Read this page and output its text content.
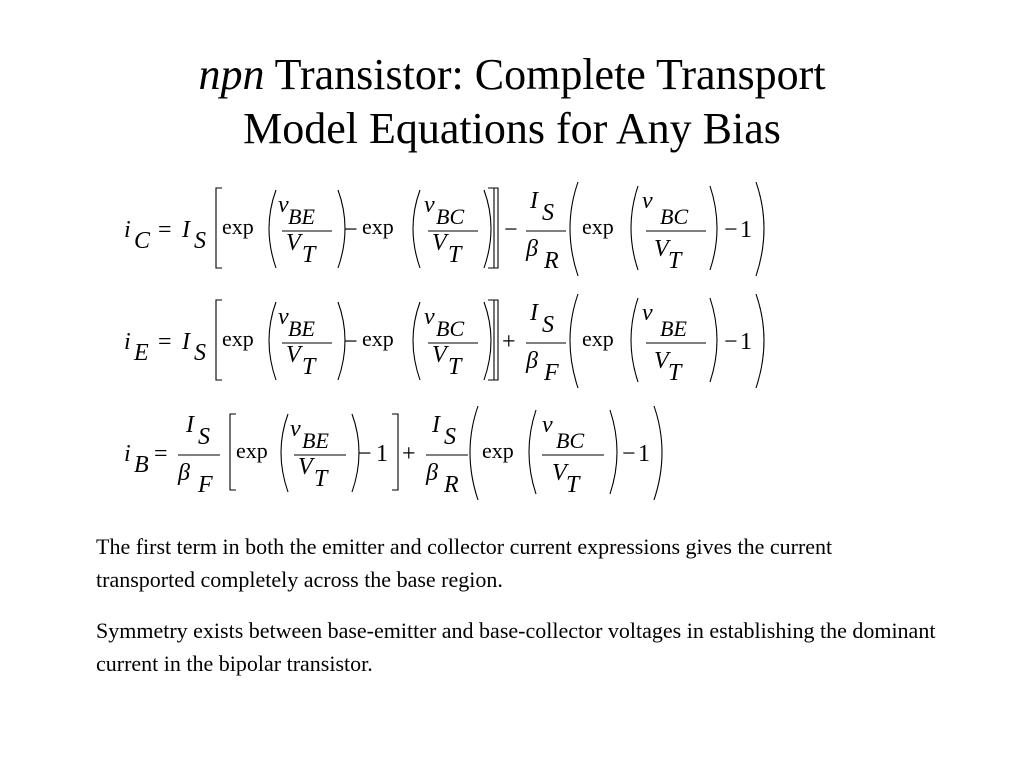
npn Transistor: Complete Transport
Model Equations for Any Bias
i C = I S
exp
v BE
V T
− exp
v BC
V T
−
I S
β R
exp
v
BC
V T
− 1
i E = I S
exp
v BE
V T
− exp
v BC
V T
+
I S
β F
exp
v
BE
V T
− 1
i B =
I S
β F
exp
v BE
V T
− 1 +
I S
β R
exp
v
BC
V T
− 1

The first term in both the emitter and collector current expressions gives the current transported completely across the base region.

Symmetry exists between base-emitter and base-collector voltages in establishing the dominant current in the bipolar transistor.
